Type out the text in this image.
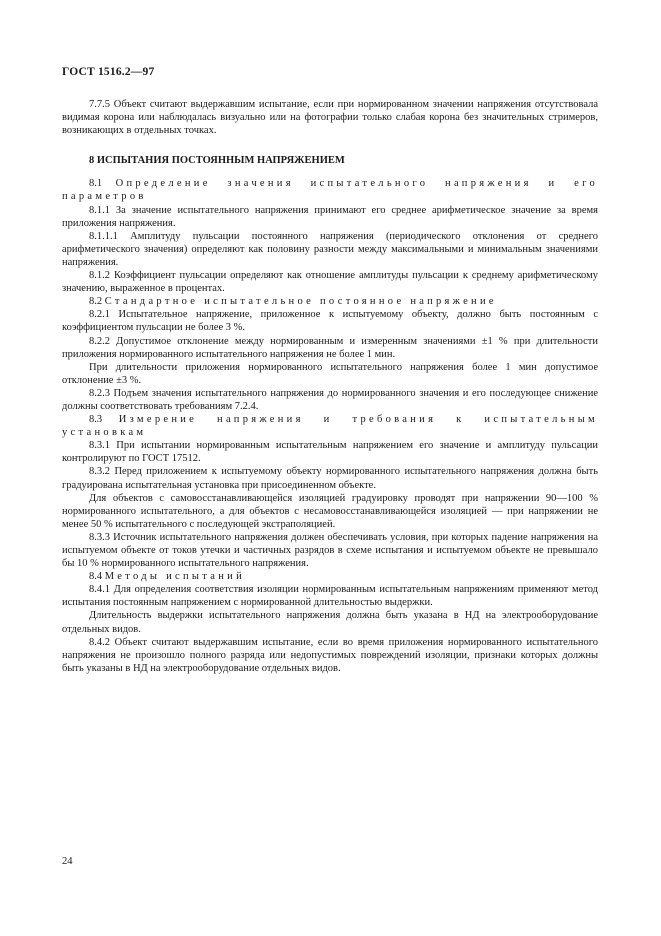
ГОСТ 1516.2—97

7.7.5 Объект считают выдержавшим испытание, если при нормированном значении напряжения отсутствовала видимая корона или наблюдалась визуально или на фотографии только слабая корона без значительных стримеров, возникающих в отдельных точках.

8 ИСПЫТАНИЯ ПОСТОЯННЫМ НАПРЯЖЕНИЕМ

8.1 Определение значения испытательного напряжения и его параметров

8.1.1 За значение испытательного напряжения принимают его среднее арифметическое значение за время приложения напряжения.

8.1.1.1 Амплитуду пульсации постоянного напряжения (периодического отклонения от среднего арифметического значения) определяют как половину разности между максимальными и минимальным значениями напряжения.

8.1.2 Коэффициент пульсации определяют как отношение амплитуды пульсации к среднему арифметическому значению, выраженное в процентах.

8.2 Стандартное испытательное постоянное напряжение

8.2.1 Испытательное напряжение, приложенное к испытуемому объекту, должно быть постоянным с коэффициентом пульсации не более 3 %.

8.2.2 Допустимое отклонение между нормированным и измеренным значениями ±1 % при длительности приложения нормированного испытательного напряжения не более 1 мин.

При длительности приложения нормированного испытательного напряжения более 1 мин допустимое отклонение ±3 %.

8.2.3 Подъем значения испытательного напряжения до нормированного значения и его последующее снижение должны соответствовать требованиям 7.2.4.

8.3 Измерение напряжения и требования к испытательным установкам

8.3.1 При испытании нормированным испытательным напряжением его значение и амплитуду пульсации контролируют по ГОСТ 17512.

8.3.2 Перед приложением к испытуемому объекту нормированного испытательного напряжения должна быть градуирована испытательная установка при присоединенном объекте.

Для объектов с самовосстанавливающейся изоляцией градуировку проводят при напряжении 90—100 % нормированного испытательного, а для объектов с несамовосстанавливающейся изоляцией — при напряжении не менее 50 % испытательного с последующей экстраполяцией.

8.3.3 Источник испытательного напряжения должен обеспечивать условия, при которых падение напряжения на испытуемом объекте от токов утечки и частичных разрядов в схеме испытания и испытуемом объекте не превышало бы 10 % нормированного испытательного напряжения.

8.4 Методы испытаний

8.4.1 Для определения соответствия изоляции нормированным испытательным напряжениям применяют метод испытания постоянным напряжением с нормированной длительностью выдержки.

Длительность выдержки испытательного напряжения должна быть указана в НД на электрооборудование отдельных видов.

8.4.2 Объект считают выдержавшим испытание, если во время приложения нормированного испытательного напряжения не произошло полного разряда или недопустимых повреждений изоляции, признаки которых должны быть указаны в НД на электрооборудование отдельных видов.

24
